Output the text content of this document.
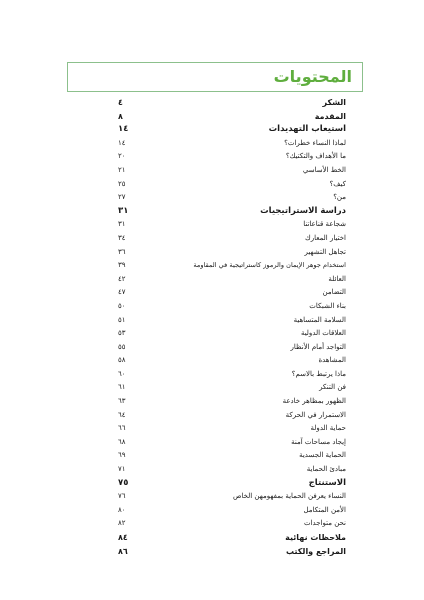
المحتويات
الشكر
٤
المقدمة
٨
استيعاب التهديدات
١٤
لماذا النساء خطرات؟
١٤
ما الأهداف والتكتيك؟
٢٠
الخط الأساسي
٢١
كيف؟
٢٥
من؟
٢٧
دراسة الاستراتيجيات
٣١
شجاعة قناعاتنا
٣١
اختيار المعارك
٣٤
تجاهل التشهير
٣٦
استخدام جوهر الإيمان والرموز كاستراتيجية في المقاومة
٣٩
العائلة
٤٢
التضامن
٤٧
بناء الشبكات
٥٠
السلامة المتساهية
٥١
العلاقات الدولية
٥٣
التواجد أمام الأنظار
٥٥
المشاهدة
٥٨
ماذا يرتبط بالاسم؟
٦٠
فن التنكر
٦١
الظهور بمظاهر خادعة
٦٣
الاستمرار في الحركة
٦٤
حماية الدولة
٦٦
إيجاد مساحات آمنة
٦٨
الحماية الجسدية
٦٩
مبادئ الحماية
٧١
الاستنتاج
٧٥
النساء يعرفن الحماية بمفهومهن الخاص
٧٦
الأمن المتكامل
٨٠
نحن متواجدات
٨٢
ملاحظات نهائية
٨٤
المراجع والكتب
٨٦
